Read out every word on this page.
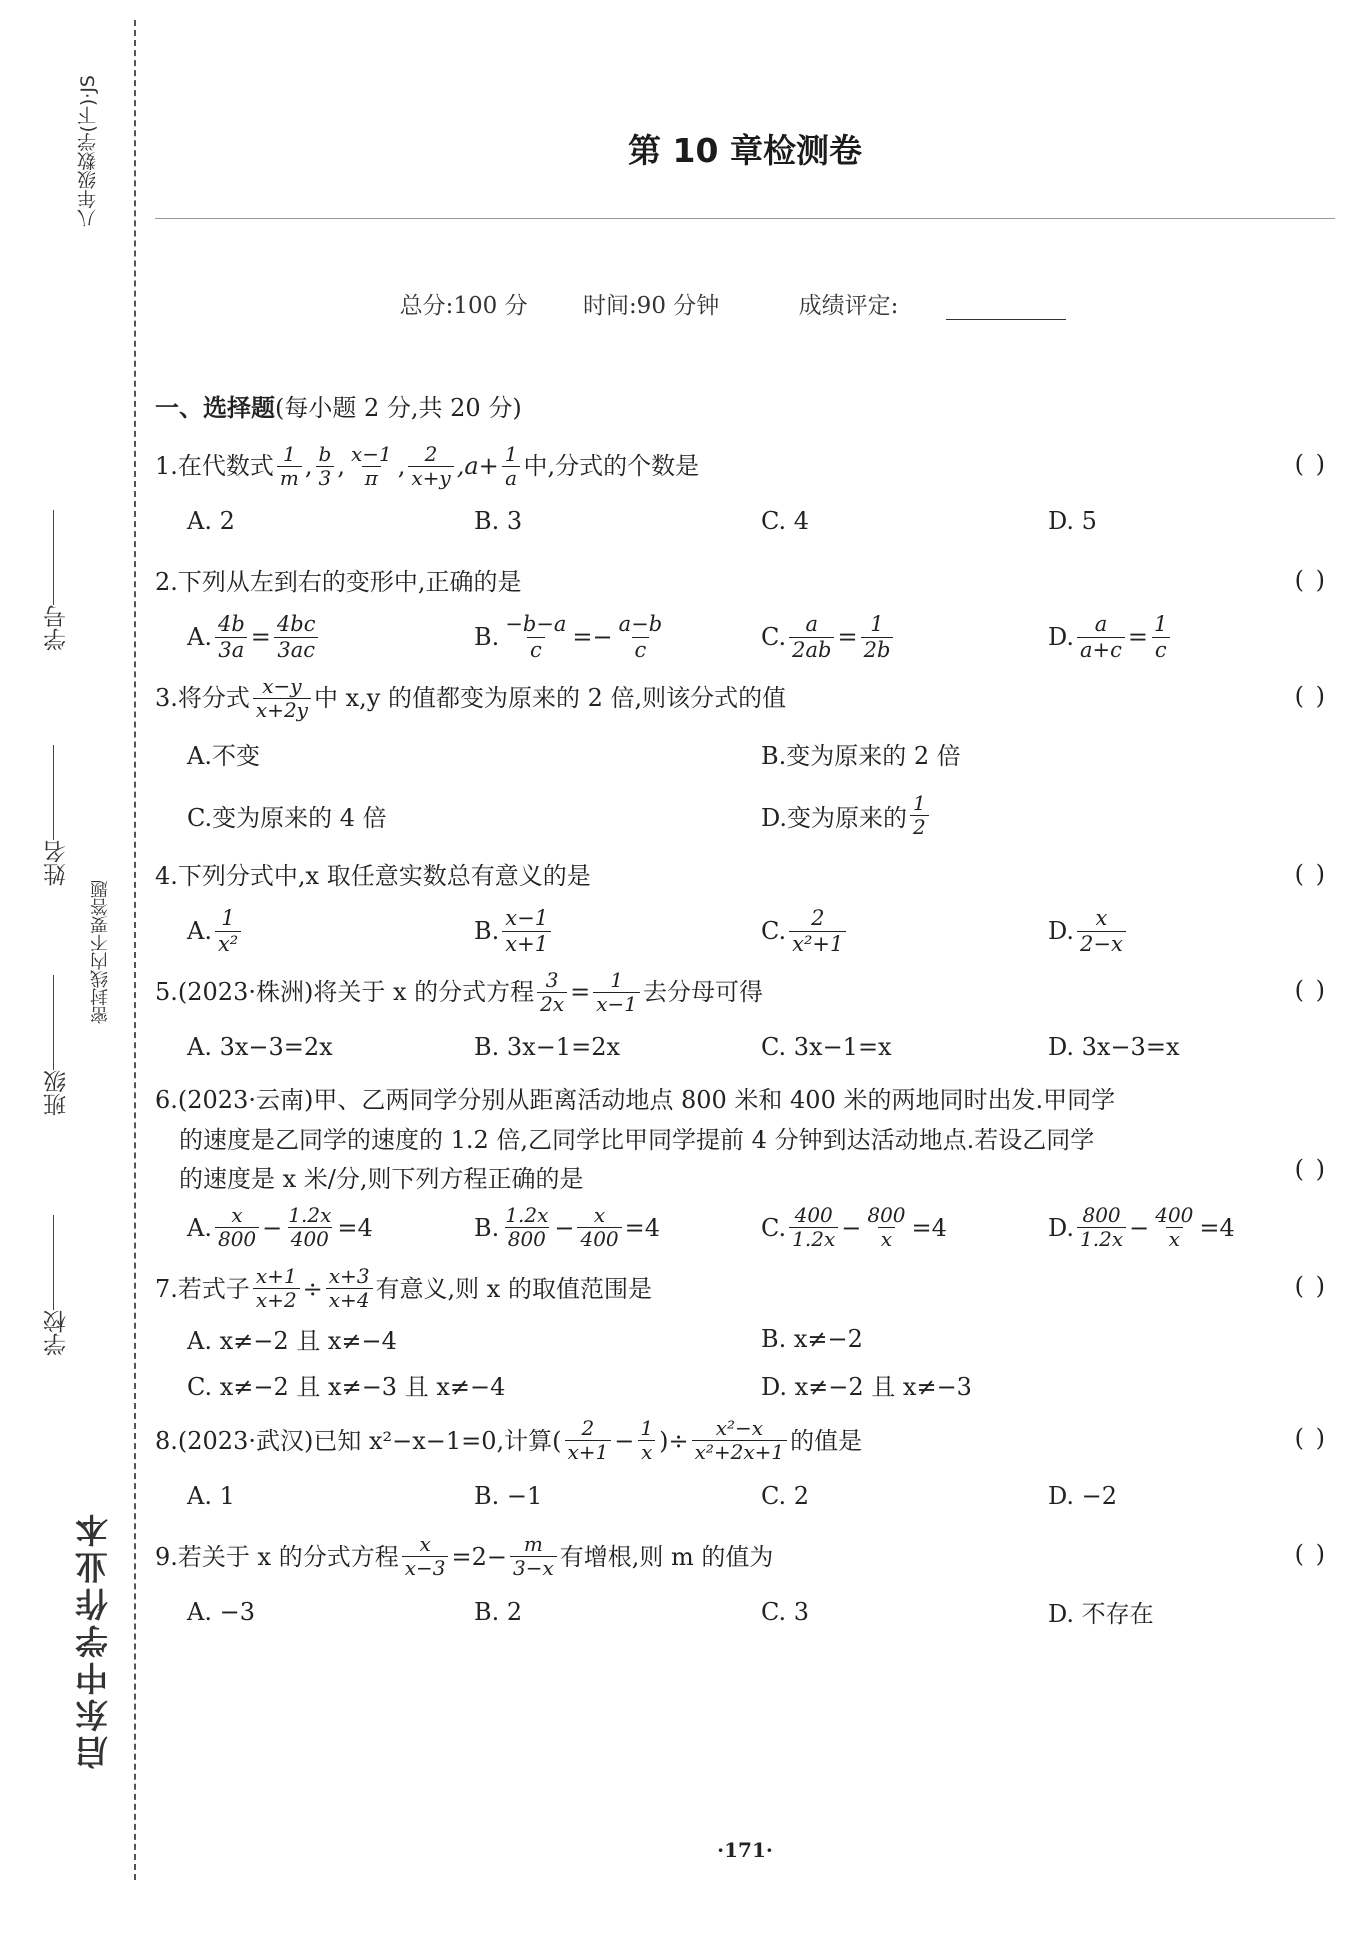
八年级数学(下)·JS
学号
姓名
班级
学校
密封线内不要答题
启东中学作业本
第 10 章检测卷
总分:100 分 时间:90 分钟	成绩评定:
一、选择题(每小题 2 分,共 20 分)
1.在代数式 $\frac{1}{m}$ , $\frac{b}{3}$ , $\frac{x-1}{\pi}$ , $\frac{2}{x+y} ,a+ \frac{1}{a}$ 中,分式的个数是	( )
A. 2	B. 3	C. 4	D. 5
2.下列从左到右的变形中,正确的是	( )
A. $\frac{4b}{3a} = \frac{4bc}{3ac}$	B. $\frac{-b-a}{c} =- \frac{a-b}{c}$	C. $\frac{a}{2ab} = \frac{1}{2b}$	D. $\frac{a}{a+c} = \frac{1}{c}$
3.将分式 $\frac{x-y}{x+2y}$ 中 x,y 的值都变为原来的 2 倍,则该分式的值	( )
A.不变	B.变为原来的 2 倍
C.变为原来的 4 倍	D.变为原来的 $\frac{1}{2}$
4.下列分式中,x 取任意实数总有意义的是	( )
A. $\frac{1}{\text{x²}}$	B. $\frac{x-1}{x+1}$	C. $\frac{2}{\text{x²+1}}$	D. $\frac{x}{2-x}$
5.(2023·株洲)将关于 x 的分式方程 $\frac{3}{2x} = \frac{1}{x-1}$ 去分母可得	( )
A. 3x−3=2x	B. 3x−1=2x	C. 3x−1=x	D. 3x−3=x
6.(2023·云南)甲、乙两同学分别从距离活动地点 800 米和 400 米的两地同时出发.甲同学
的速度是乙同学的速度的 1.2 倍,乙同学比甲同学提前 4 分钟到达活动地点.若设乙同学
的速度是 x 米/分,则下列方程正确的是	( )
A. $\frac{x}{800} - \frac{1.2x}{400} =4$	B. $\frac{1.2x}{800} - \frac{x}{400} =4$	C. $\frac{400}{1.2x} - \frac{800}{x} =4$	D. $\frac{800}{1.2x} - \frac{400}{x} =4$
7.若式子 $\frac{x+1}{x+2} \div \frac{x+3}{x+4}$ 有意义,则 x 的取值范围是	( )
A. x≠−2 且 x≠−4	B. x≠−2
C. x≠−2 且 x≠−3 且 x≠−4	D. x≠−2 且 x≠−3
8.(2023·武汉)已知 x²−x−1=0,计算( $\frac{2}{x+1} - \frac{1}{x}$ )÷ $\frac{\text{x²−x}}{\text{x²+2x+1}}$ 的值是	( )
A. 1	B. −1	C. 2	D. −2
9.若关于 x 的分式方程 $\frac{x}{x-3} =2- \frac{m}{3-x}$ 有增根,则 m 的值为	( )
A. −3	B. 2	C. 3	D. 不存在
·171·
